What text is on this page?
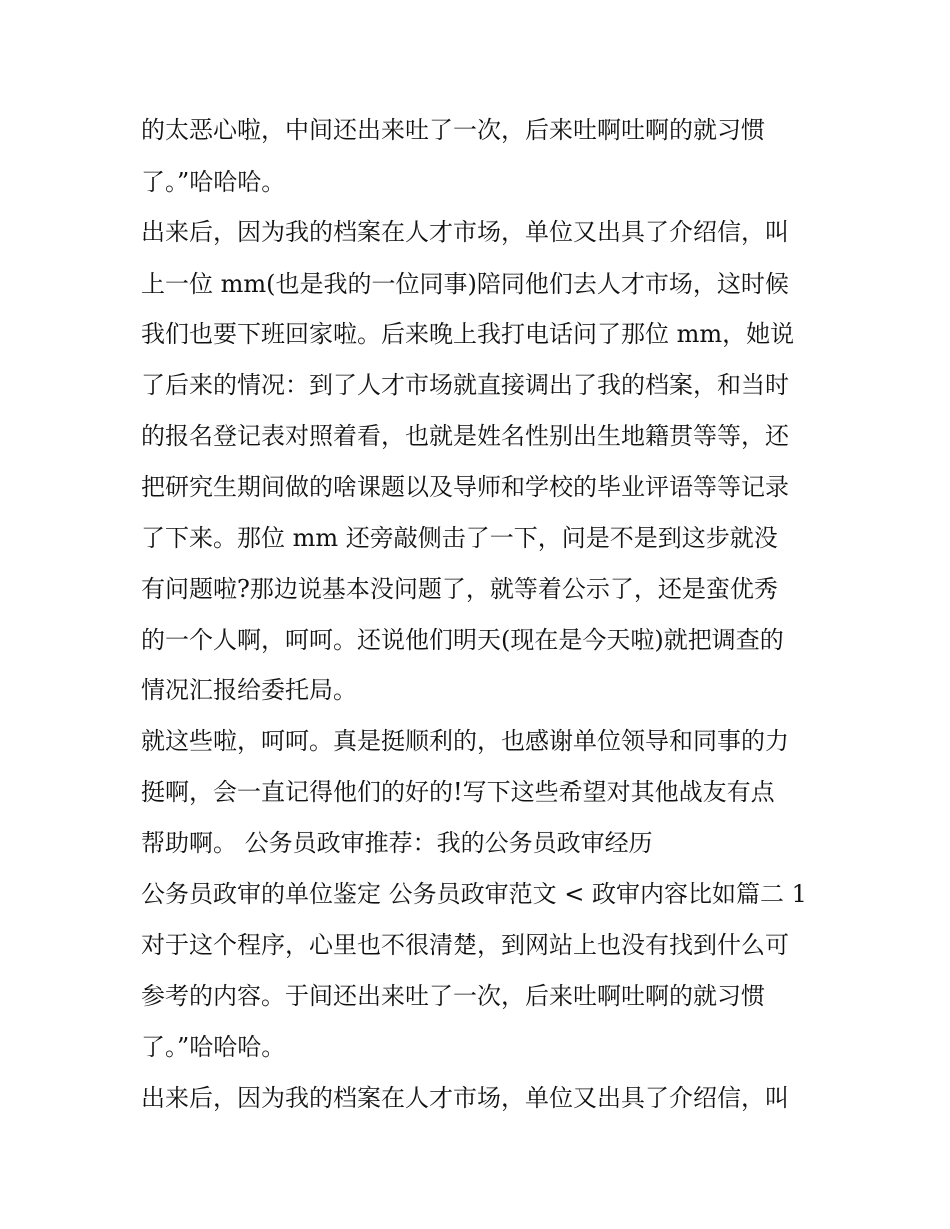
的太恶心啦，中间还出来吐了一次，后来吐啊吐啊的就习惯
了。”哈哈哈。
出来后，因为我的档案在人才市场，单位又出具了介绍信，叫
上一位 mm(也是我的一位同事)陪同他们去人才市场，这时候
我们也要下班回家啦。后来晚上我打电话问了那位 mm，她说
了后来的情况：到了人才市场就直接调出了我的档案，和当时
的报名登记表对照着看，也就是姓名性别出生地籍贯等等，还
把研究生期间做的啥课题以及导师和学校的毕业评语等等记录
了下来。那位 mm 还旁敲侧击了一下，问是不是到这步就没
有问题啦?那边说基本没问题了，就等着公示了，还是蛮优秀
的一个人啊，呵呵。还说他们明天(现在是今天啦)就把调查的
情况汇报给委托局。
就这些啦，呵呵。真是挺顺利的，也感谢单位领导和同事的力
挺啊，会一直记得他们的好的!写下这些希望对其他战友有点
帮助啊。 公务员政审推荐：我的公务员政审经历
公务员政审的单位鉴定 公务员政审范文 < 政审内容比如篇二 1
对于这个程序，心里也不很清楚，到网站上也没有找到什么可
参考的内容。于间还出来吐了一次，后来吐啊吐啊的就习惯
了。”哈哈哈。
出来后，因为我的档案在人才市场，单位又出具了介绍信，叫
